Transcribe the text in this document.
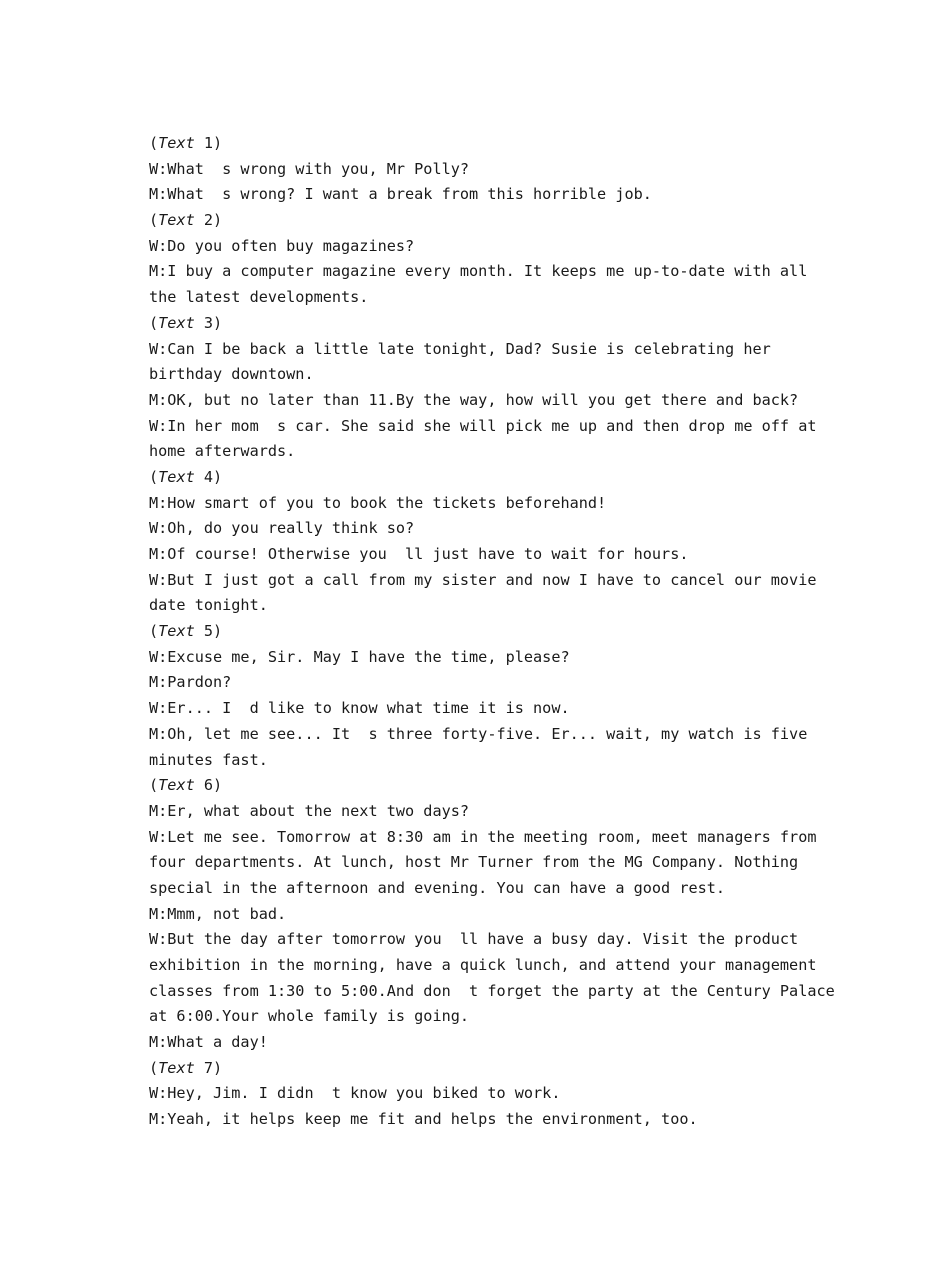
(Text 1)
W:What  s wrong with you, Mr Polly?
M:What  s wrong? I want a break from this horrible job.
(Text 2)
W:Do you often buy magazines?
M:I buy a computer magazine every month. It keeps me up-to-date with all
the latest developments.
(Text 3)
W:Can I be back a little late tonight, Dad? Susie is celebrating her
birthday downtown.
M:OK, but no later than 11.By the way, how will you get there and back?
W:In her mom  s car. She said she will pick me up and then drop me off at
home afterwards.
(Text 4)
M:How smart of you to book the tickets beforehand!
W:Oh, do you really think so?
M:Of course! Otherwise you  ll just have to wait for hours.
W:But I just got a call from my sister and now I have to cancel our movie
date tonight.
(Text 5)
W:Excuse me, Sir. May I have the time, please?
M:Pardon?
W:Er... I  d like to know what time it is now.
M:Oh, let me see... It  s three forty-five. Er... wait, my watch is five
minutes fast.
(Text 6)
M:Er, what about the next two days?
W:Let me see. Tomorrow at 8:30 am in the meeting room, meet managers from
four departments. At lunch, host Mr Turner from the MG Company. Nothing
special in the afternoon and evening. You can have a good rest.
M:Mmm, not bad.
W:But the day after tomorrow you  ll have a busy day. Visit the product
exhibition in the morning, have a quick lunch, and attend your management
classes from 1:30 to 5:00.And don  t forget the party at the Century Palace
at 6:00.Your whole family is going.
M:What a day!
(Text 7)
W:Hey, Jim. I didn  t know you biked to work.
M:Yeah, it helps keep me fit and helps the environment, too.
